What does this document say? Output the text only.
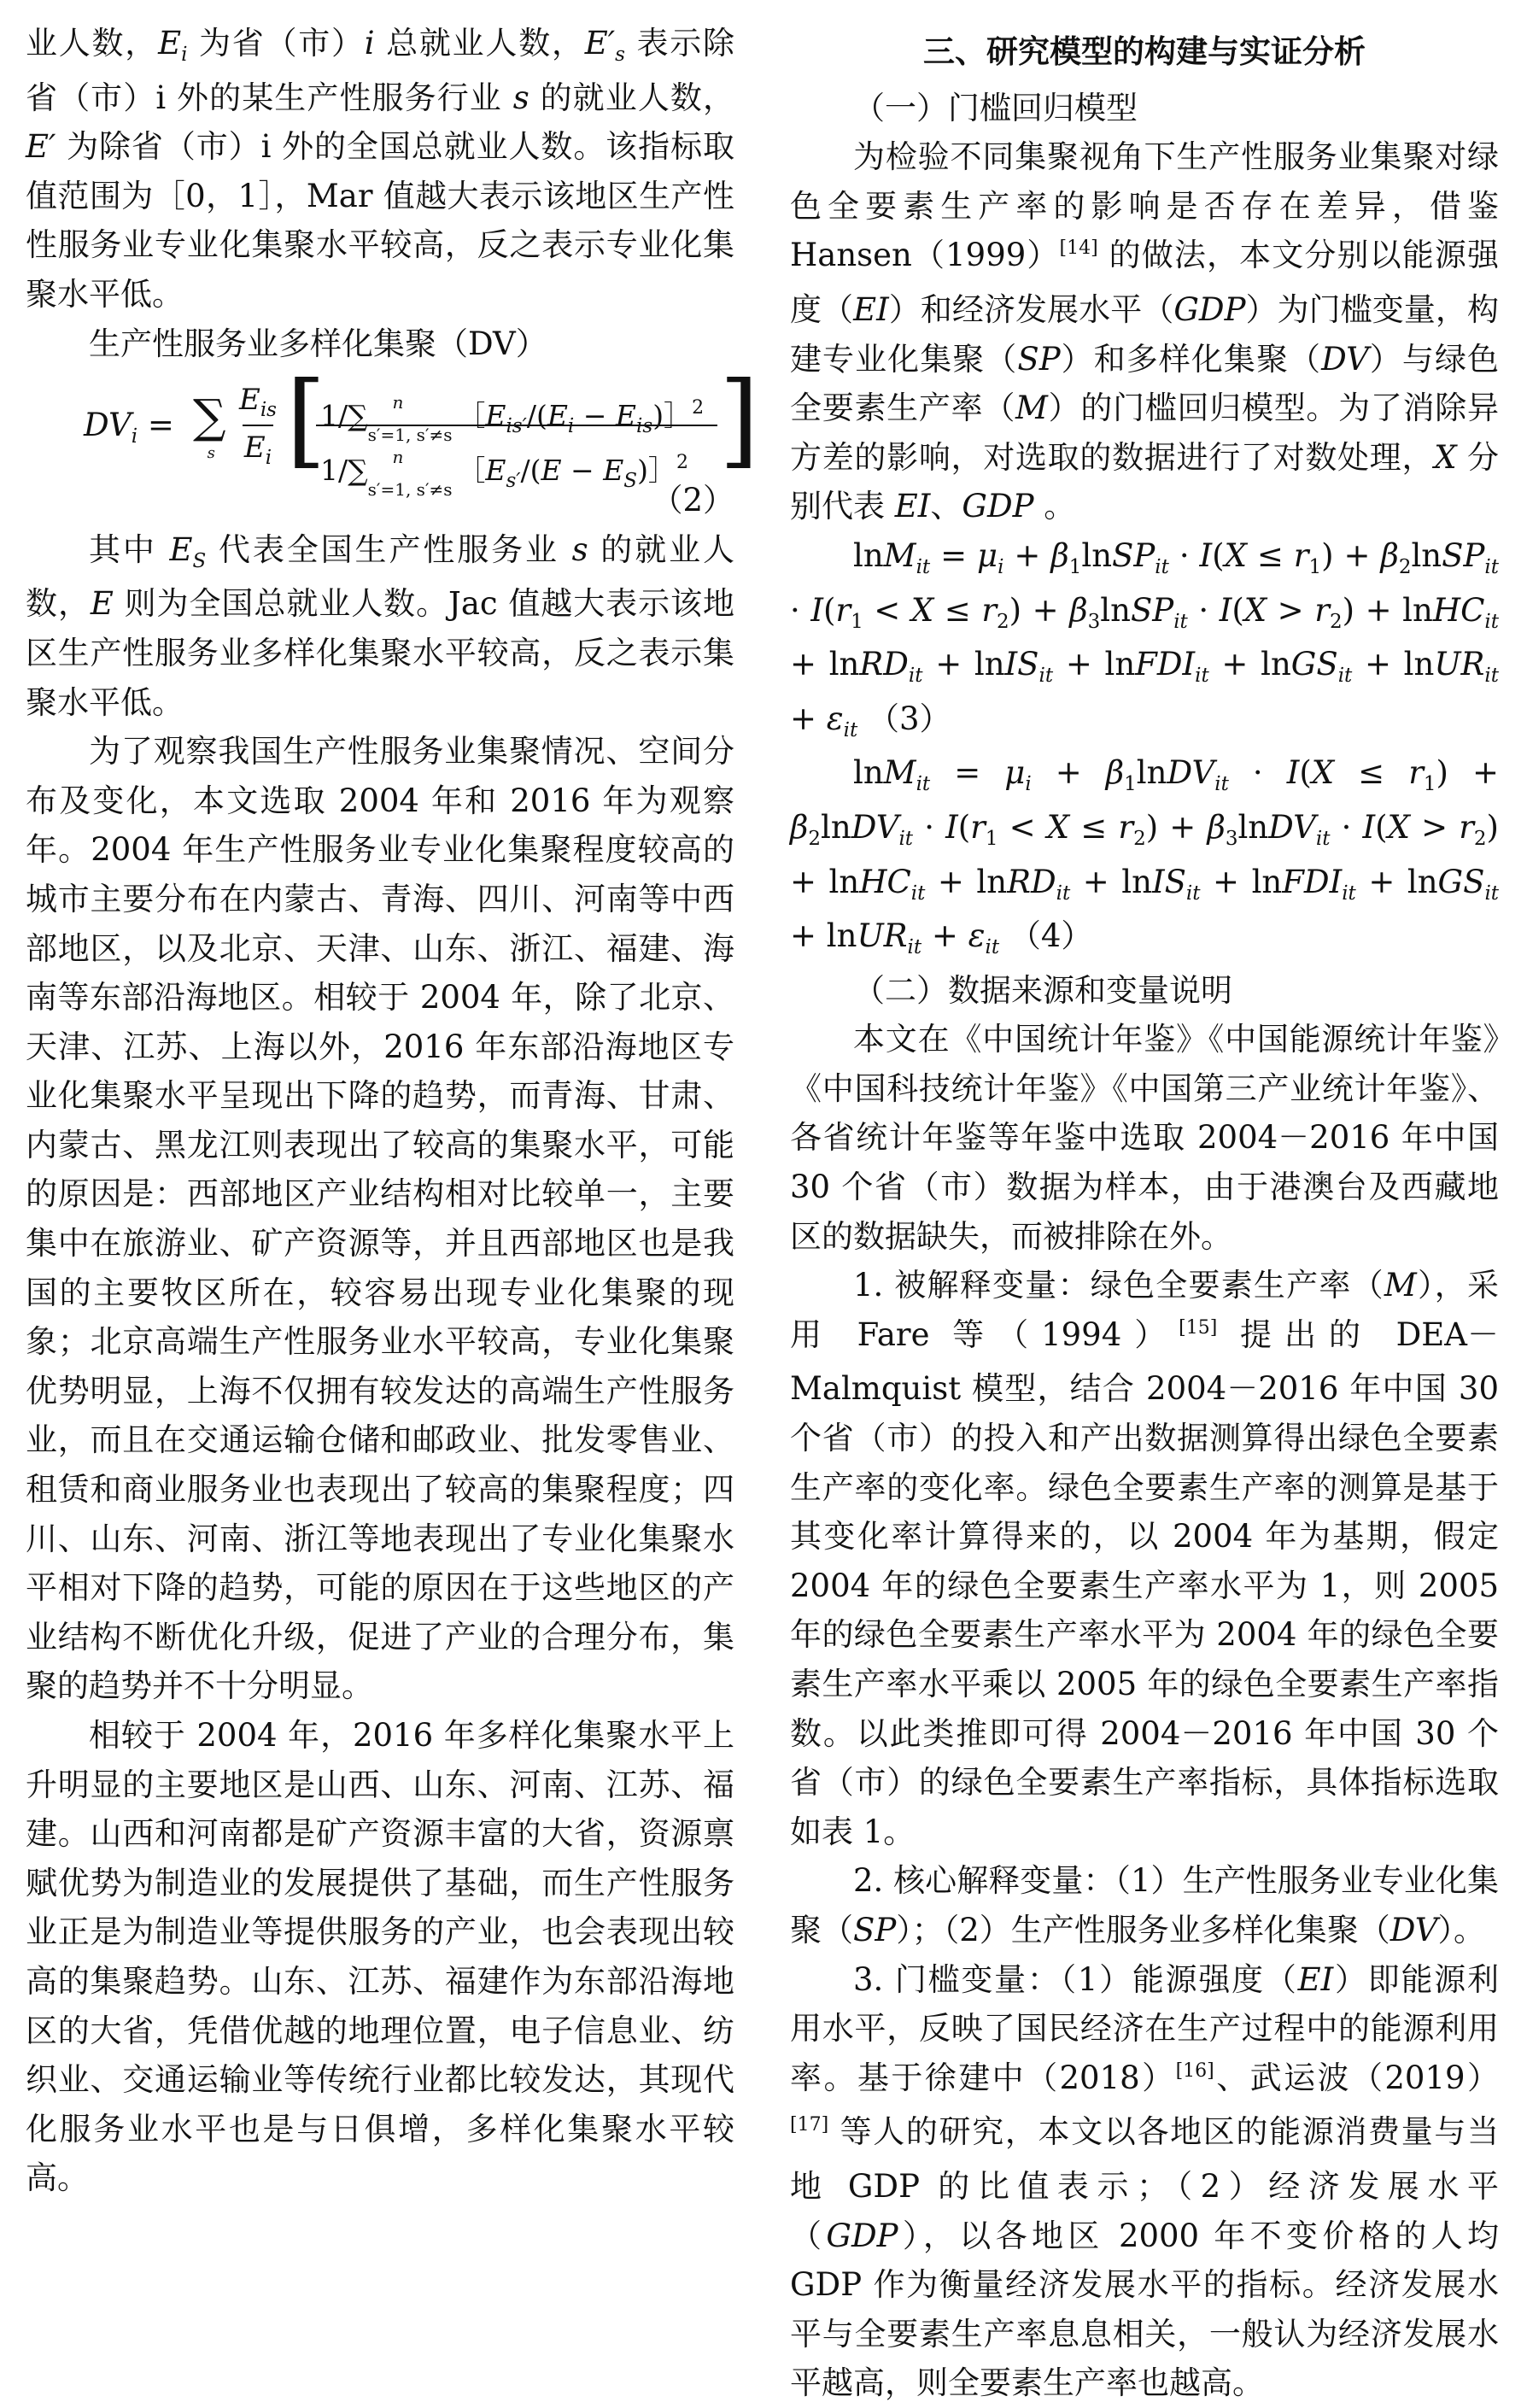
业人数，$E_i$ 为省（市）i 总就业人数，$E'_s$ 表示除省（市）i 外的某生产性服务行业 s 的就业人数，E′ 为除省（市）i 外的全国总就业人数。该指标取值范围为［0，1］，Mar 值越大表示该地区生产性性服务业专业化集聚水平较高，反之表示专业化集聚水平低。

生产性服务业多样化集聚（DV）

$DV_i = \sum_s$
$E_{is}$
$E_i$ [
$1/\sum_{s'=1, s'\ne s}^n$      $[E_{is'}/(E_i$ − $E_{is})]^2$
$1/\sum_{s'=1, s'\ne s}^n$      $[E_{s'}/(E$ − $E_S)]^2$ ]

（2）

其中 $E_S$ 代表全国生产性服务业 s 的就业人数，E 则为全国总就业人数。Jac 值越大表示该地区生产性服务业多样化集聚水平较高，反之表示集聚水平低。

为了观察我国生产性服务业集聚情况、空间分布及变化，本文选取 2004 年和 2016 年为观察年。2004 年生产性服务业专业化集聚程度较高的城市主要分布在内蒙古、青海、四川、河南等中西部地区，以及北京、天津、山东、浙江、福建、海南等东部沿海地区。相较于 2004 年，除了北京、天津、江苏、上海以外，2016 年东部沿海地区专业化集聚水平呈现出下降的趋势，而青海、甘肃、内蒙古、黑龙江则表现出了较高的集聚水平，可能的原因是：西部地区产业结构相对比较单一，主要集中在旅游业、矿产资源等，并且西部地区也是我国的主要牧区所在，较容易出现专业化集聚的现象；北京高端生产性服务业水平较高，专业化集聚优势明显，上海不仅拥有较发达的高端生产性服务业，而且在交通运输仓储和邮政业、批发零售业、租赁和商业服务业也表现出了较高的集聚程度；四川、山东、河南、浙江等地表现出了专业化集聚水平相对下降的趋势，可能的原因在于这些地区的产业结构不断优化升级，促进了产业的合理分布，集聚的趋势并不十分明显。

相较于 2004 年，2016 年多样化集聚水平上升明显的主要地区是山西、山东、河南、江苏、福建。山西和河南都是矿产资源丰富的大省，资源禀赋优势为制造业的发展提供了基础，而生产性服务业正是为制造业等提供服务的产业，也会表现出较高的集聚趋势。山东、江苏、福建作为东部沿海地区的大省，凭借优越的地理位置，电子信息业、纺织业、交通运输业等传统行业都比较发达，其现代化服务业水平也是与日俱增，多样化集聚水平较高。

三、研究模型的构建与实证分析

（一）门槛回归模型

为检验不同集聚视角下生产性服务业集聚对绿色全要素生产率的影响是否存在差异，借鉴 Hansen（1999）[14] 的做法，本文分别以能源强度（EI）和经济发展水平（GDP）为门槛变量，构建专业化集聚（SP）和多样化集聚（DV）与绿色全要素生产率（M）的门槛回归模型。为了消除异方差的影响，对选取的数据进行了对数处理，X 分别代表 EI、GDP 。

$\ln M_{it} = \mu_i$ + $\beta_1lnSP_{it} \cdot I(X \le r_1)$ + $\beta_2lnSP_{it} \cdot I(r_1 < X \le r_2)$ + $\beta_3lnSP_{it} \cdot I(X > r_2)$ + lnHC$_{it}$ + lnRD$_{it}$ + lnIS$_{it}$ + lnFDI$_{it}$ + lnGS$_{it}$ + lnUR$_{it}$ + $\varepsilon_{it}$ （3）

$\ln M_{it} = \mu_i$ + $\beta_1lnDV_{it} \cdot I(X \le r_1)$ + $\beta_2lnDV_{it} \cdot I(r_1 < X \le r_2)$ + $\beta_3lnDV_{it} \cdot I(X > r_2)$ + lnHC$_{it}$ + lnRD$_{it}$ + lnIS$_{it}$ + lnFDI$_{it}$ + lnGS$_{it}$ + lnUR$_{it}$ + $\varepsilon_{it}$ （4）

（二）数据来源和变量说明

本文在《中国统计年鉴》《中国能源统计年鉴》《中国科技统计年鉴》《中国第三产业统计年鉴》、各省统计年鉴等年鉴中选取 2004－2016 年中国 30 个省（市）数据为样本，由于港澳台及西藏地区的数据缺失，而被排除在外。

1. 被解释变量：绿色全要素生产率（M），采用 Fare 等（1994）[15] 提出的 DEA－Malmquist 模型，结合 2004－2016 年中国 30 个省（市）的投入和产出数据测算得出绿色全要素生产率的变化率。绿色全要素生产率的测算是基于其变化率计算得来的，以 2004 年为基期，假定 2004 年的绿色全要素生产率水平为 1，则 2005 年的绿色全要素生产率水平为 2004 年的绿色全要素生产率水平乘以 2005 年的绿色全要素生产率指数。以此类推即可得 2004－2016 年中国 30 个省（市）的绿色全要素生产率指标，具体指标选取如表 1。

2. 核心解释变量：（1）生产性服务业专业化集聚（SP）；（2）生产性服务业多样化集聚（DV）。

3. 门槛变量：（1）能源强度（EI）即能源利用水平，反映了国民经济在生产过程中的能源利用率。基于徐建中（2018）[16]、武运波（2019）[17] 等人的研究，本文以各地区的能源消费量与当地 GDP 的比值表示；（2）经济发展水平（GDP），以各地区 2000 年不变价格的人均 GDP 作为衡量经济发展水平的指标。经济发展水平与全要素生产率息息相关，一般认为经济发展水平越高，则全要素生产率也越高。
